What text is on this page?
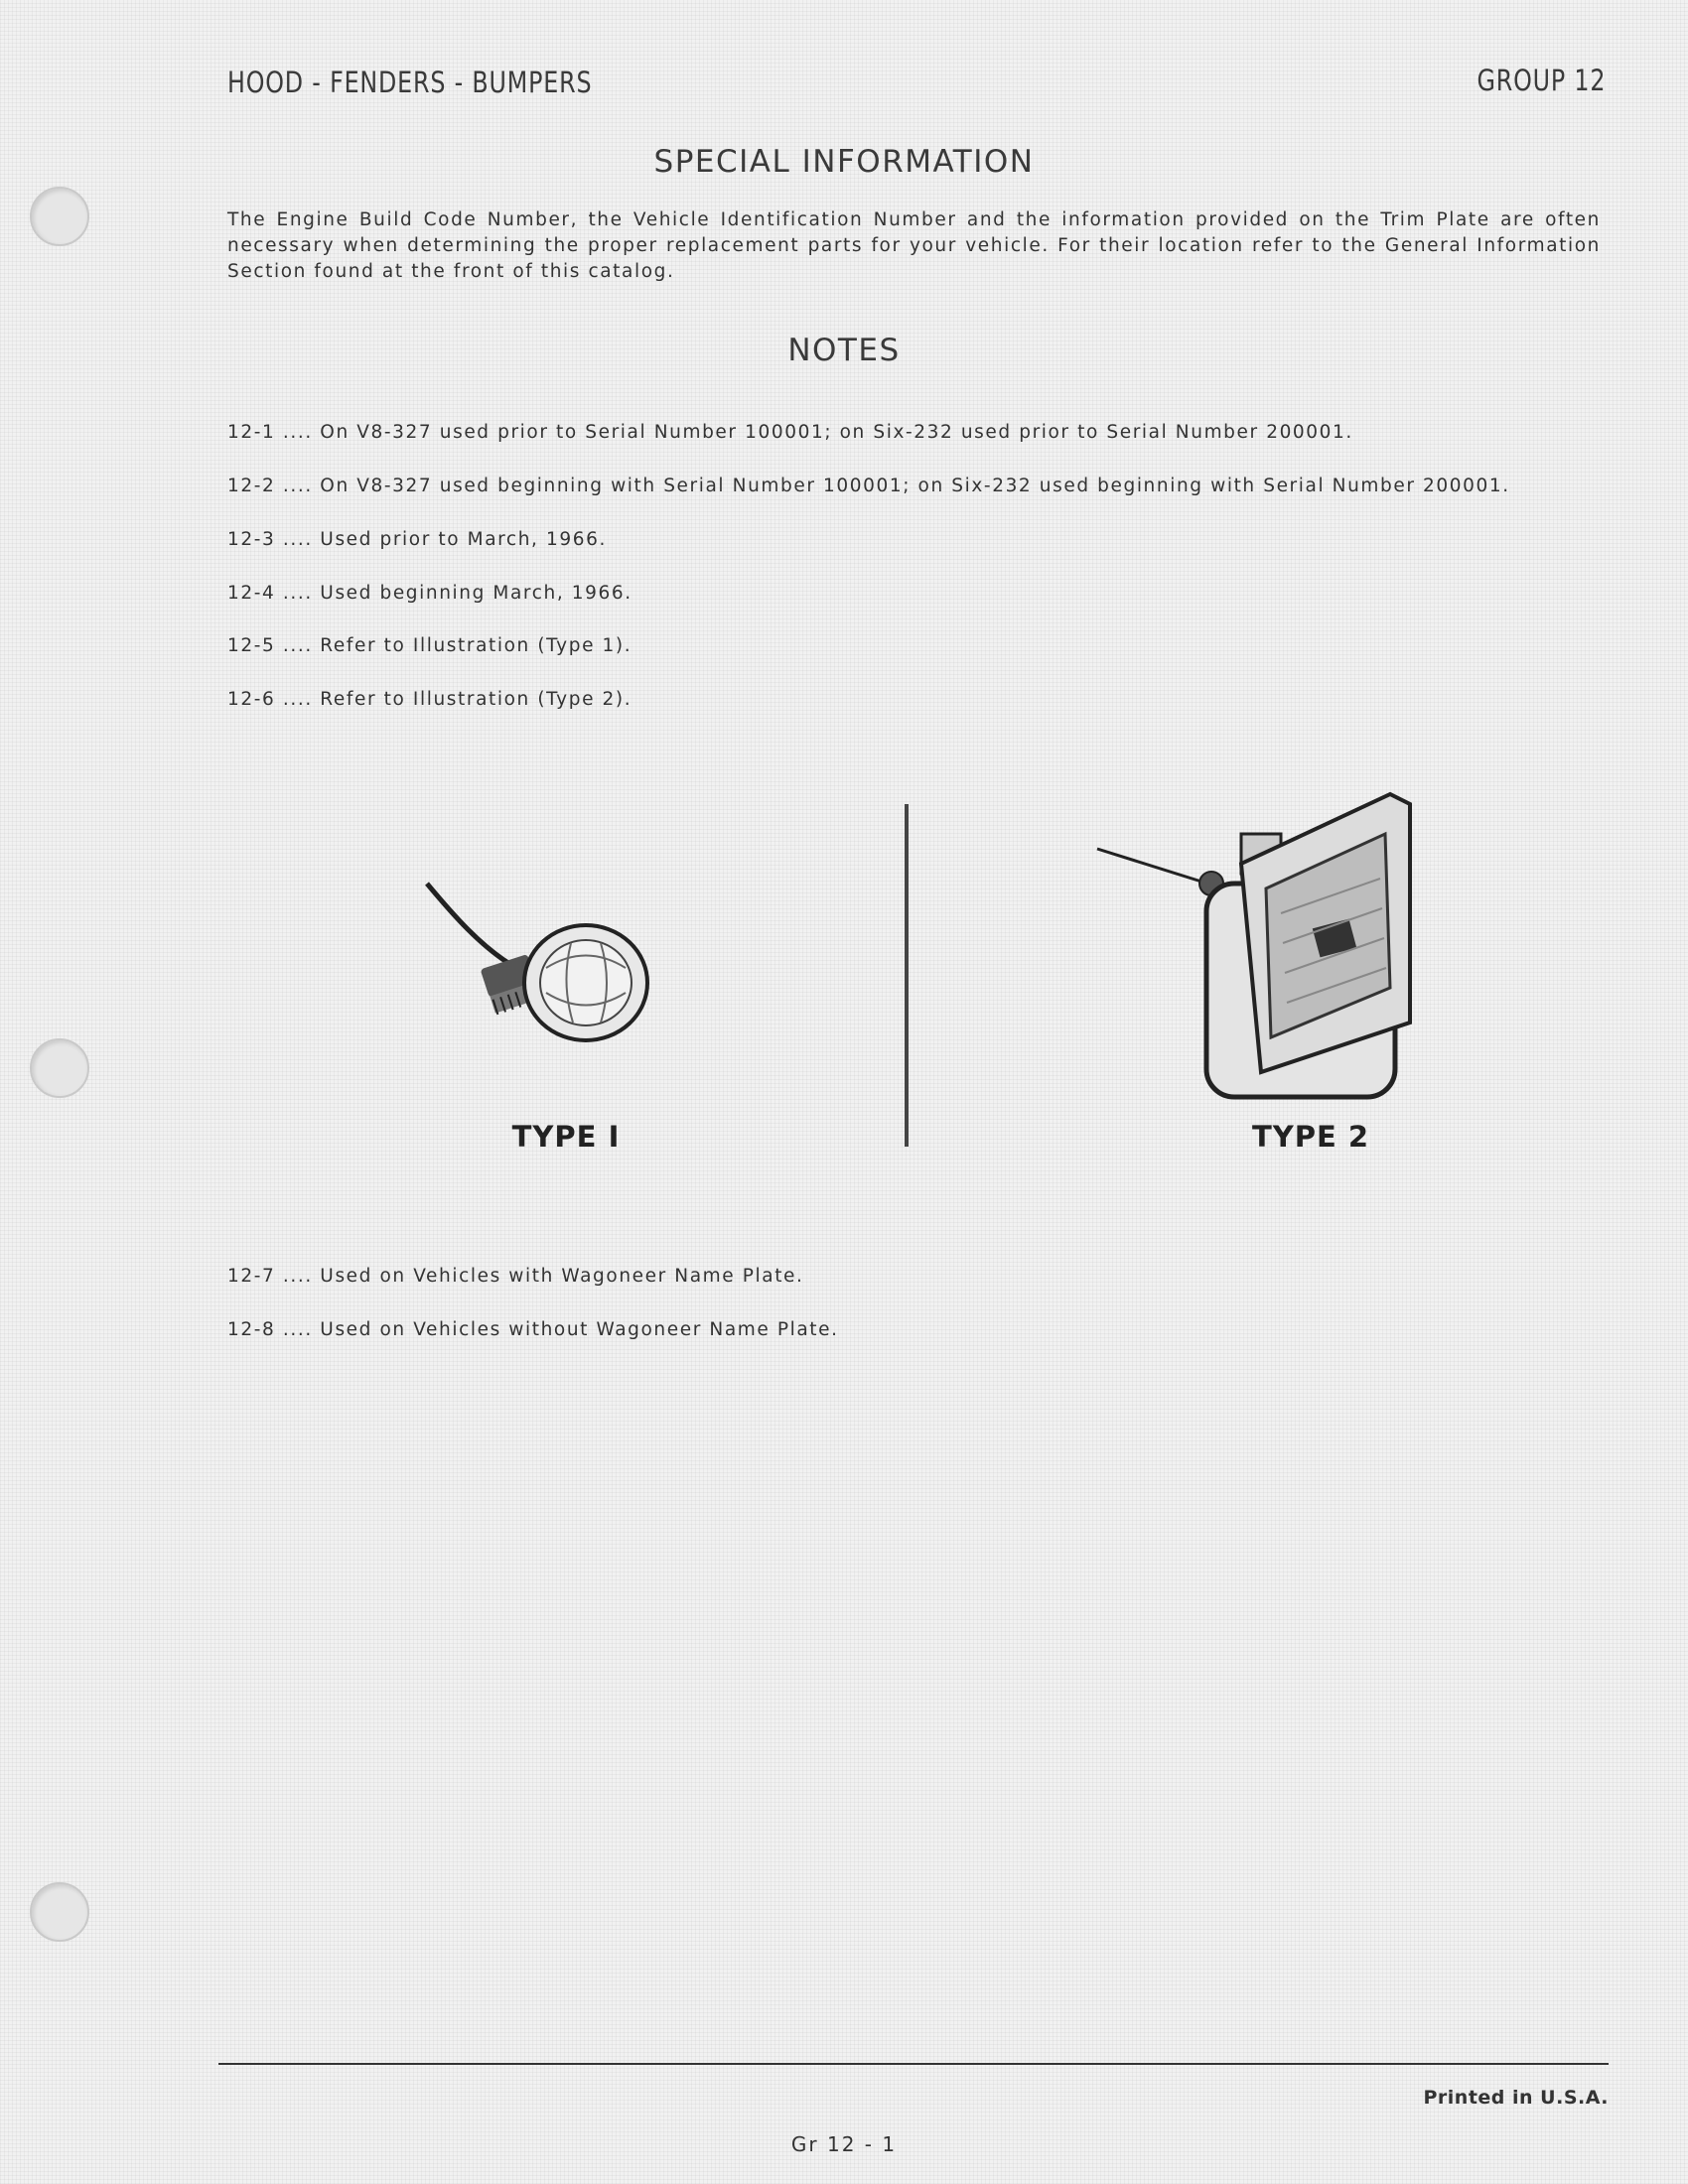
HOOD - FENDERS - BUMPERS	GROUP 12
SPECIAL INFORMATION
The Engine Build Code Number, the Vehicle Identification Number and the information provided on the Trim Plate are often necessary when determining the proper replacement parts for your vehicle. For their location refer to the General Information Section found at the front of this catalog.
NOTES
12-1 .... On V8-327 used prior to Serial Number 100001; on Six-232 used prior to Serial Number 200001.
12-2 .... On V8-327 used beginning with Serial Number 100001; on Six-232 used beginning with Serial Number 200001.
12-3 .... Used prior to March, 1966.
12-4 .... Used beginning March, 1966.
12-5 .... Refer to Illustration (Type 1).
12-6 .... Refer to Illustration (Type 2).
TYPE I	TYPE 2
12-7 .... Used on Vehicles with Wagoneer Name Plate.
12-8 .... Used on Vehicles without Wagoneer Name Plate.
Printed in U.S.A.
Gr 12 - 1
